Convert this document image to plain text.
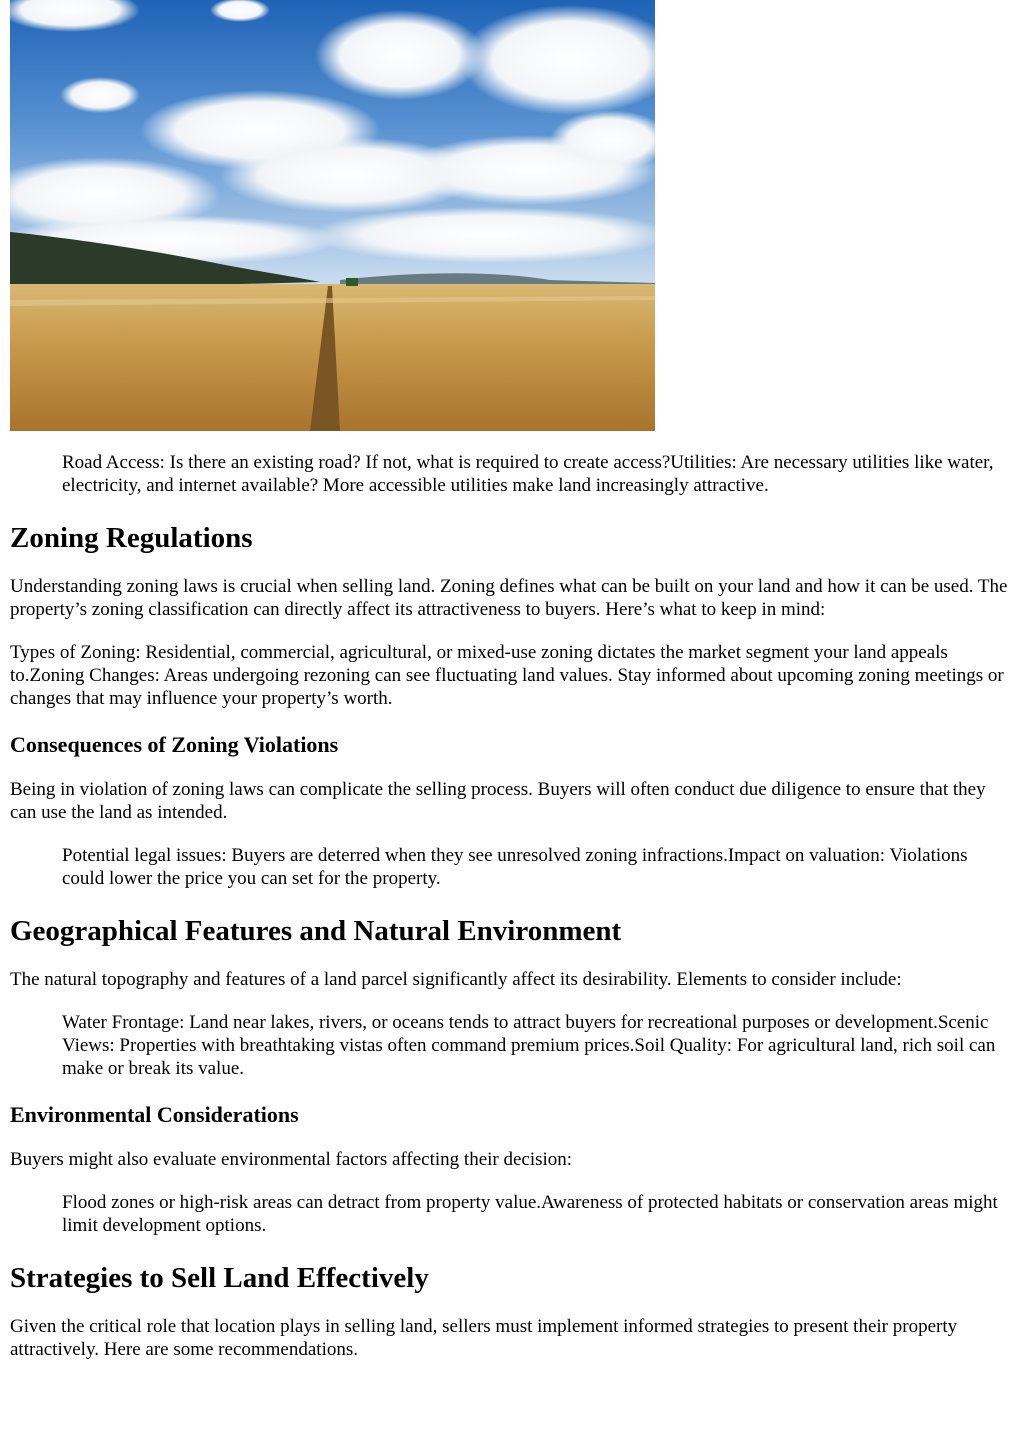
Road Access: Is there an existing road? If not, what is required to create access?Utilities: Are necessary utilities like water, electricity, and internet available? More accessible utilities make land increasingly attractive.
Zoning Regulations
Understanding zoning laws is crucial when selling land. Zoning defines what can be built on your land and how it can be used. The property’s zoning classification can directly affect its attractiveness to buyers. Here’s what to keep in mind:
Types of Zoning: Residential, commercial, agricultural, or mixed-use zoning dictates the market segment your land appeals to.Zoning Changes: Areas undergoing rezoning can see fluctuating land values. Stay informed about upcoming zoning meetings or changes that may influence your property’s worth.
Consequences of Zoning Violations
Being in violation of zoning laws can complicate the selling process. Buyers will often conduct due diligence to ensure that they can use the land as intended.
Potential legal issues: Buyers are deterred when they see unresolved zoning infractions.Impact on valuation: Violations could lower the price you can set for the property.
Geographical Features and Natural Environment
The natural topography and features of a land parcel significantly affect its desirability. Elements to consider include:
Water Frontage: Land near lakes, rivers, or oceans tends to attract buyers for recreational purposes or development.Scenic Views: Properties with breathtaking vistas often command premium prices.Soil Quality: For agricultural land, rich soil can make or break its value.
Environmental Considerations
Buyers might also evaluate environmental factors affecting their decision:
Flood zones or high-risk areas can detract from property value.Awareness of protected habitats or conservation areas might limit development options.
Strategies to Sell Land Effectively
Given the critical role that location plays in selling land, sellers must implement informed strategies to present their property attractively. Here are some recommendations.
